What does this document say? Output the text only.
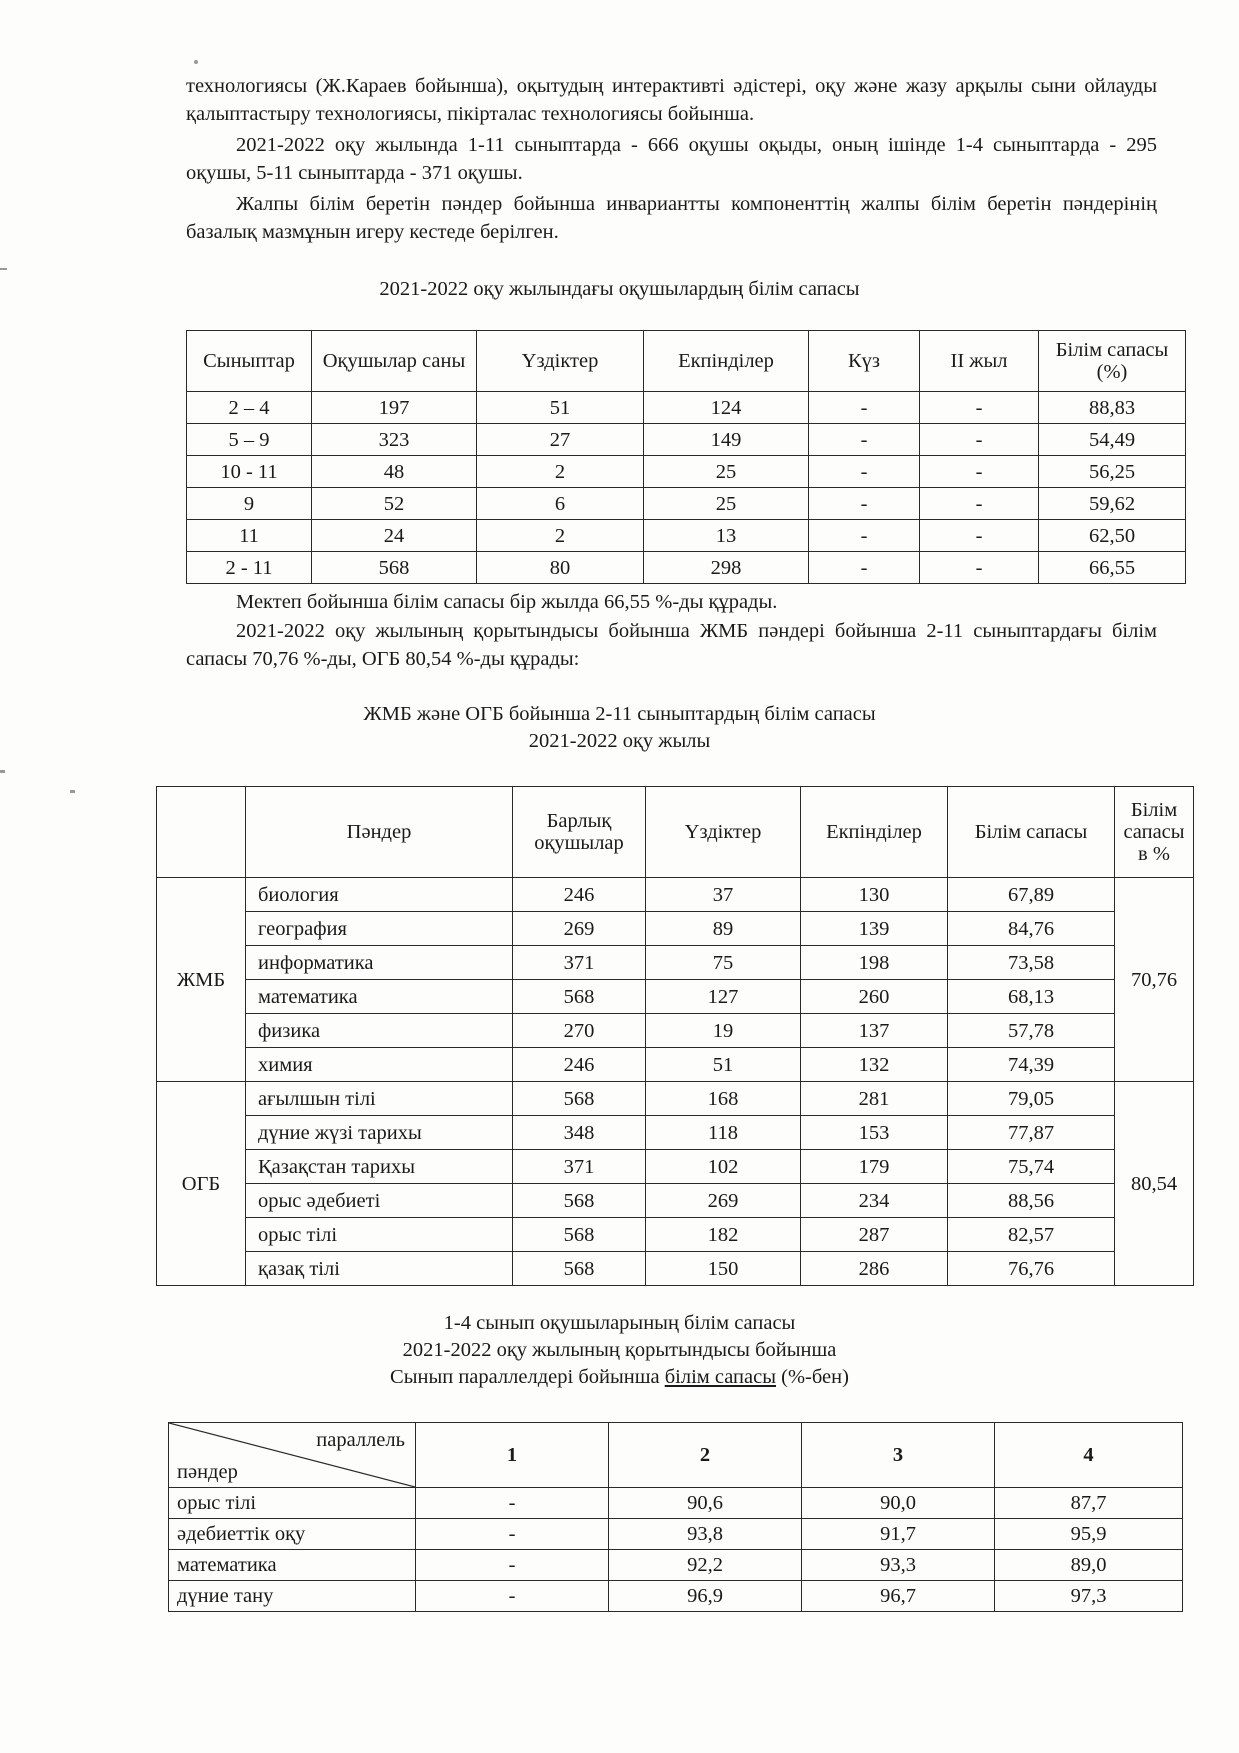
технологиясы (Ж.Караев бойынша), оқытудың интерактивті әдістері, оқу және жазу арқылы сыни ойлауды қалыптастыру технологиясы, пікірталас технологиясы бойынша.

2021-2022 оқу жылында 1-11 сыныптарда - 666 оқушы оқыды, оның ішінде 1-4 сыныптарда - 295 оқушы, 5-11 сыныптарда - 371 оқушы.

Жалпы білім беретін пәндер бойынша инвариантты компоненттің жалпы білім беретін пәндерінің базалық мазмұнын игеру кестеде берілген.

2021-2022 оқу жылындағы оқушылардың білім сапасы

Сыныптар	Оқушылар саны	Үздіктер	Екпінділер	Күз	ІІ жыл	Білім сапасы (%)
2 – 4	197	51	124	-	-	88,83
5 – 9	323	27	149	-	-	54,49
10 - 11	48	2	25	-	-	56,25
9	52	6	25	-	-	59,62
11	24	2	13	-	-	62,50
2 - 11	568	80	298	-	-	66,55

Мектеп бойынша білім сапасы бір жылда 66,55 %-ды құрады.

2021-2022 оқу жылының қорытындысы бойынша ЖМБ пәндері бойынша 2-11 сыныптардағы білім сапасы 70,76 %-ды, ОГБ 80,54 %-ды құрады:

ЖМБ және ОГБ бойынша 2-11 сыныптардың білім сапасы

2021-2022 оқу жылы

	Пәндер	Барлық оқушылар	Үздіктер	Екпінділер	Білім сапасы	Білім сапасы в %
ЖМБ	биология	246	37	130	67,89	70,76
	география	269	89	139	84,76	
	информатика	371	75	198	73,58	
	математика	568	127	260	68,13	
	физика	270	19	137	57,78	
	химия	246	51	132	74,39	
ОГБ	ағылшын тілі	568	168	281	79,05	80,54
	дүние жүзі тарихы	348	118	153	77,87	
	Қазақстан тарихы	371	102	179	75,74	
	орыс әдебиеті	568	269	234	88,56	
	орыс тілі	568	182	287	82,57	
	қазақ тілі	568	150	286	76,76	

1-4 сынып оқушыларының білім сапасы

2021-2022 оқу жылының қорытындысы бойынша

Сынып параллелдері бойынша білім сапасы (%-бен)

параллель
пәндер	1	2	3	4
орыс тілі	-	90,6	90,0	87,7
әдебиеттік оқу	-	93,8	91,7	95,9
математика	-	92,2	93,3	89,0
дүние тану	-	96,9	96,7	97,3
